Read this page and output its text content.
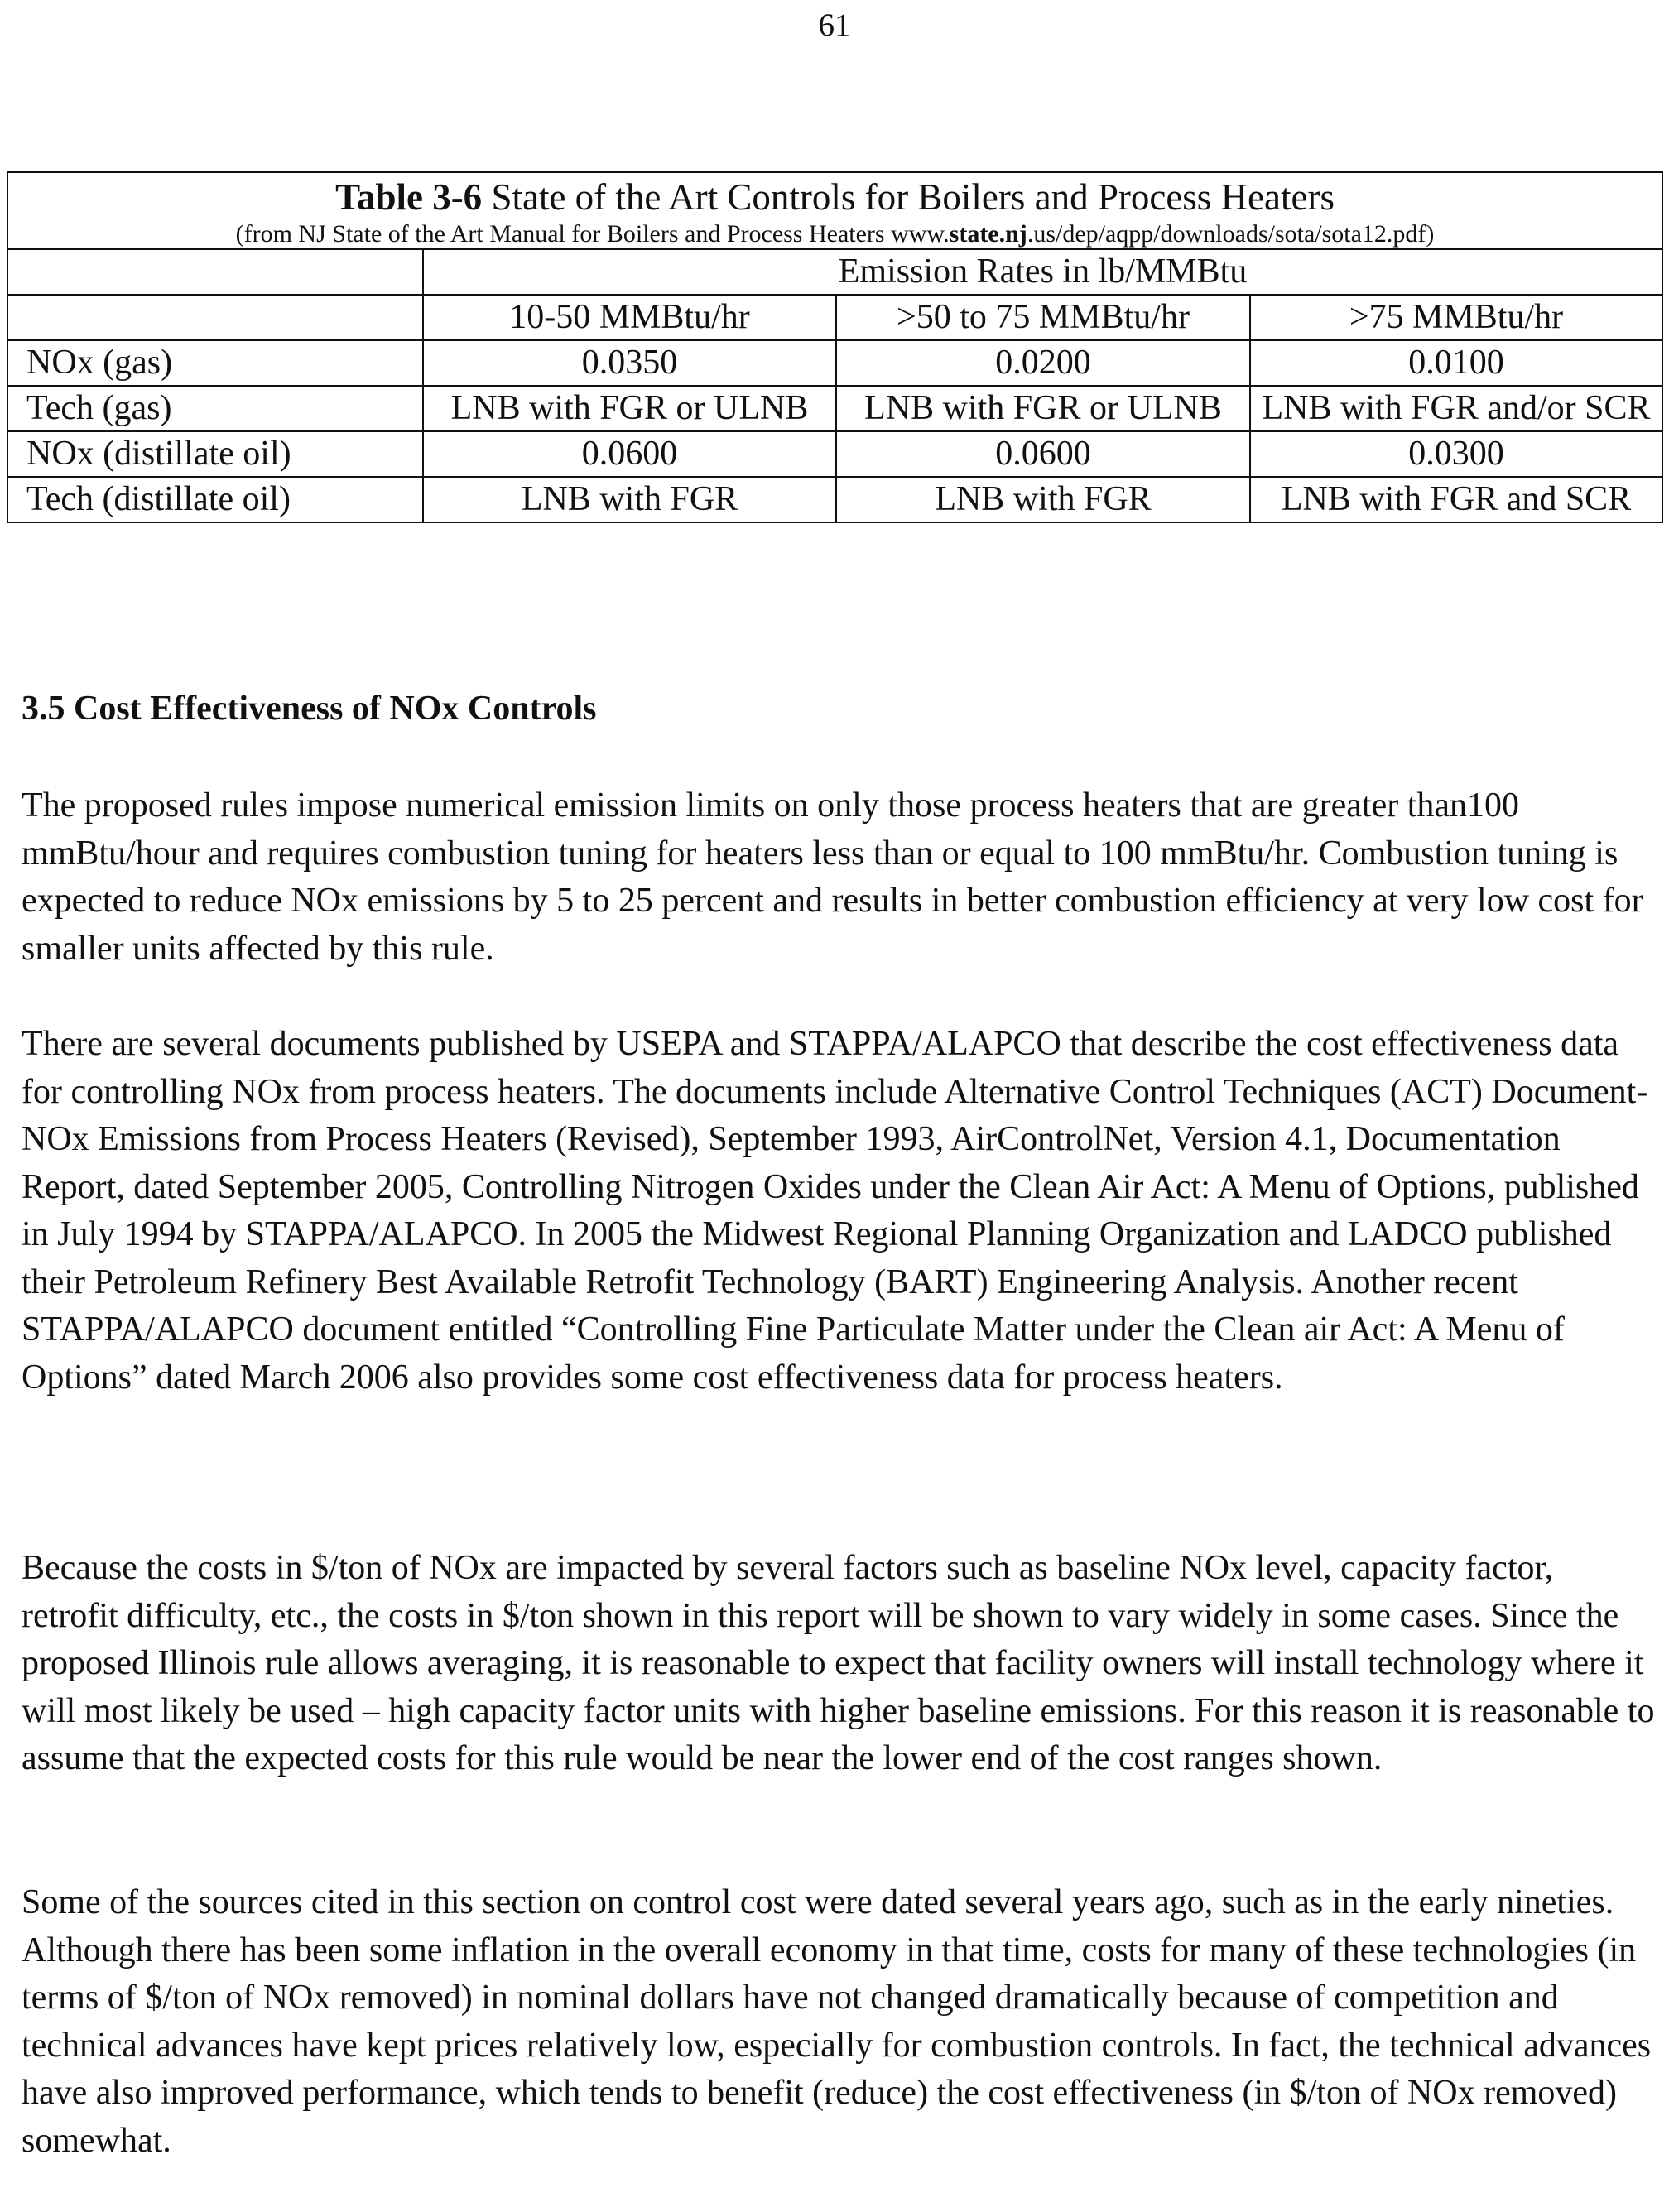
61
Table 3-6 State of the Art Controls for Boilers and Process Heaters
(from NJ State of the Art Manual for Boilers and Process Heaters www.state.nj.us/dep/aqpp/downloads/sota/sota12.pdf)			

	Emission Rates in lb/MMBtu		
	10-50 MMBtu/hr	>50 to 75 MMBtu/hr	>75 MMBtu/hr
NOx (gas)	0.0350	0.0200	0.0100
Tech (gas)	LNB with FGR or ULNB	LNB with FGR or ULNB	LNB with FGR and/or SCR
NOx (distillate oil)	0.0600	0.0600	0.0300
Tech (distillate oil)	LNB with FGR	LNB with FGR	LNB with FGR and SCR
3.5 Cost Effectiveness of NOx Controls

The proposed rules impose numerical emission limits on only those process heaters that are greater than100 mmBtu/hour and requires combustion tuning for heaters less than or equal to 100 mmBtu/hr. Combustion tuning is expected to reduce NOx emissions by 5 to 25 percent and results in better combustion efficiency at very low cost for smaller units affected by this rule.

There are several documents published by USEPA and STAPPA/ALAPCO that describe the cost effectiveness data for controlling NOx from process heaters. The documents include Alternative Control Techniques (ACT) Document- NOx Emissions from Process Heaters (Revised), September 1993, AirControlNet, Version 4.1, Documentation Report, dated September 2005, Controlling Nitrogen Oxides under the Clean Air Act: A Menu of Options, published in July 1994 by STAPPA/ALAPCO. In 2005 the Midwest Regional Planning Organization and LADCO published their Petroleum Refinery Best Available Retrofit Technology (BART) Engineering Analysis. Another recent STAPPA/ALAPCO document entitled “Controlling Fine Particulate Matter under the Clean air Act: A Menu of Options” dated March 2006 also provides some cost effectiveness data for process heaters.

Because the costs in $/ton of NOx are impacted by several factors such as baseline NOx level, capacity factor, retrofit difficulty, etc., the costs in $/ton shown in this report will be shown to vary widely in some cases. Since the proposed Illinois rule allows averaging, it is reasonable to expect that facility owners will install technology where it will most likely be used – high capacity factor units with higher baseline emissions. For this reason it is reasonable to assume that the expected costs for this rule would be near the lower end of the cost ranges shown.

Some of the sources cited in this section on control cost were dated several years ago, such as in the early nineties. Although there has been some inflation in the overall economy in that time, costs for many of these technologies (in terms of $/ton of NOx removed) in nominal dollars have not changed dramatically because of competition and technical advances have kept prices relatively low, especially for combustion controls. In fact, the technical advances have also improved performance, which tends to benefit (reduce) the cost effectiveness (in $/ton of NOx removed) somewhat.
